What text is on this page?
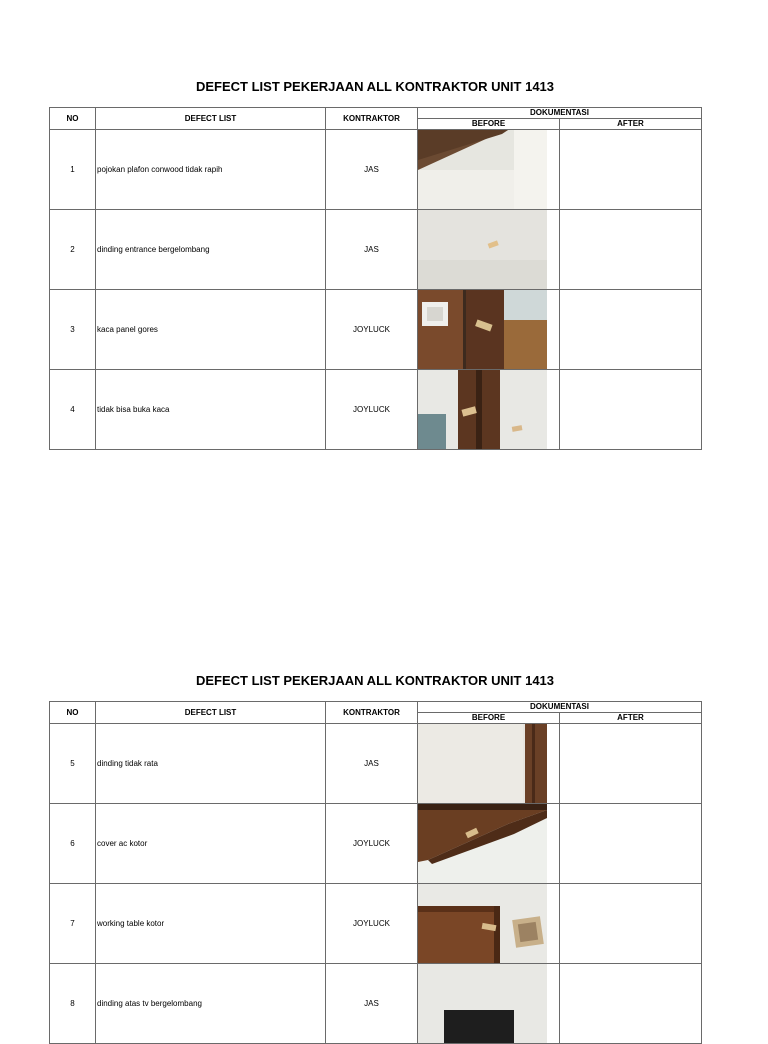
DEFECT LIST PEKERJAAN ALL KONTRAKTOR UNIT 1413
NO	DEFECT LIST	KONTRAKTOR	DOKUMENTASI	
			BEFORE	AFTER
1	pojokan plafon conwood tidak rapih	JAS	

2	dinding entrance bergelombang	JAS	

3	kaca panel gores	JOYLUCK	

4	tidak bisa buka kaca	JOYLUCK	

DEFECT LIST PEKERJAAN ALL KONTRAKTOR UNIT 1413
NO	DEFECT LIST	KONTRAKTOR	DOKUMENTASI	
			BEFORE	AFTER
5	dinding tidak rata	JAS	

6	cover ac kotor	JOYLUCK	

7	working table kotor	JOYLUCK	

8	dinding atas tv bergelombang	JAS	
